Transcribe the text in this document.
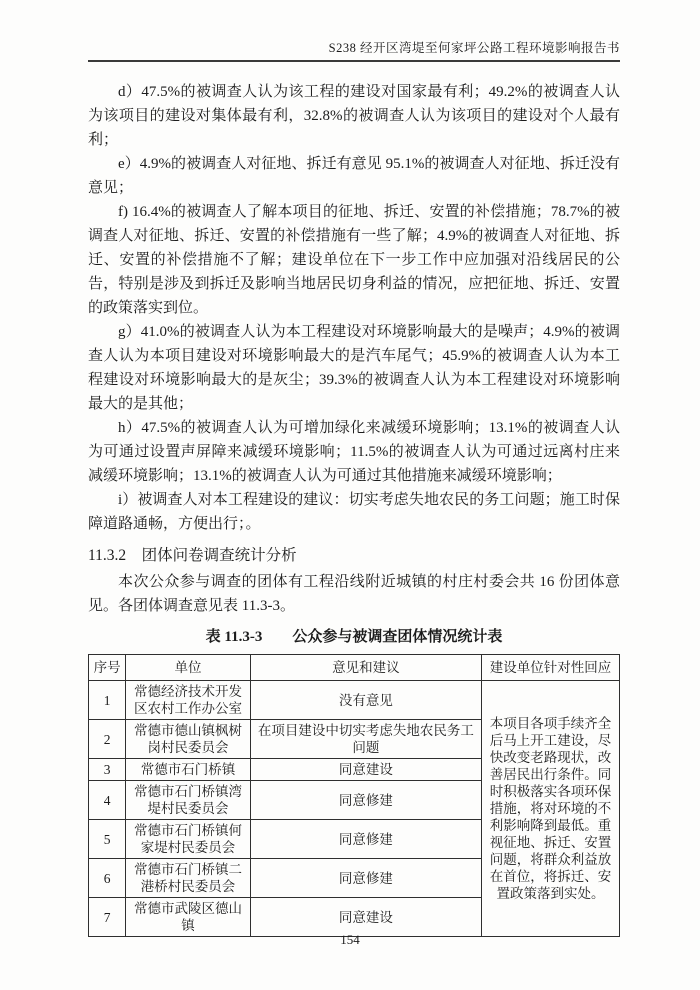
S238 经开区湾堤至何家坪公路工程环境影响报告书

d）47.5%的被调查人认为该工程的建设对国家最有利；49.2%的被调查人认为该项目的建设对集体最有利，32.8%的被调查人认为该项目的建设对个人最有利；

e）4.9%的被调查人对征地、拆迁有意见 95.1%的被调查人对征地、拆迁没有意见；

f) 16.4%的被调查人了解本项目的征地、拆迁、安置的补偿措施；78.7%的被调查人对征地、拆迁、安置的补偿措施有一些了解；4.9%的被调查人对征地、拆迁、安置的补偿措施不了解；建设单位在下一步工作中应加强对沿线居民的公告，特别是涉及到拆迁及影响当地居民切身利益的情况，应把征地、拆迁、安置的政策落实到位。

g）41.0%的被调查人认为本工程建设对环境影响最大的是噪声；4.9%的被调查人认为本项目建设对环境影响最大的是汽车尾气；45.9%的被调查人认为本工程建设对环境影响最大的是灰尘；39.3%的被调查人认为本工程建设对环境影响最大的是其他；

h）47.5%的被调查人认为可增加绿化来减缓环境影响；13.1%的被调查人认为可通过设置声屏障来减缓环境影响；11.5%的被调查人认为可通过远离村庄来减缓环境影响；13.1%的被调查人认为可通过其他措施来减缓环境影响；

i）被调查人对本工程建设的建议：切实考虑失地农民的务工问题；施工时保障道路通畅，方便出行；。

11.3.2　团体问卷调查统计分析

本次公众参与调查的团体有工程沿线附近城镇的村庄村委会共 16 份团体意见。各团体调查意见表 11.3-3。

表 11.3-3　　公众参与被调查团体情况统计表
序号	单位	意见和建议	建设单位针对性回应
1	常德经济技术开发区农村工作办公室	没有意见	本项目各项手续齐全后马上开工建设，尽快改变老路现状，改善居民出行条件。同时积极落实各项环保措施，将对环境的不利影响降到最低。重视征地、拆迁、安置问题，将群众利益放在首位，将拆迁、安置政策落到实处。
2	常德市德山镇枫树岗村民委员会	在项目建设中切实考虑失地农民务工问题	
3	常德市石门桥镇	同意建设	
4	常德市石门桥镇湾堤村民委员会	同意修建	
5	常德市石门桥镇何家堤村民委员会	同意修建	
6	常德市石门桥镇二港桥村民委员会	同意修建	
7	常德市武陵区德山镇	同意建设	
154
